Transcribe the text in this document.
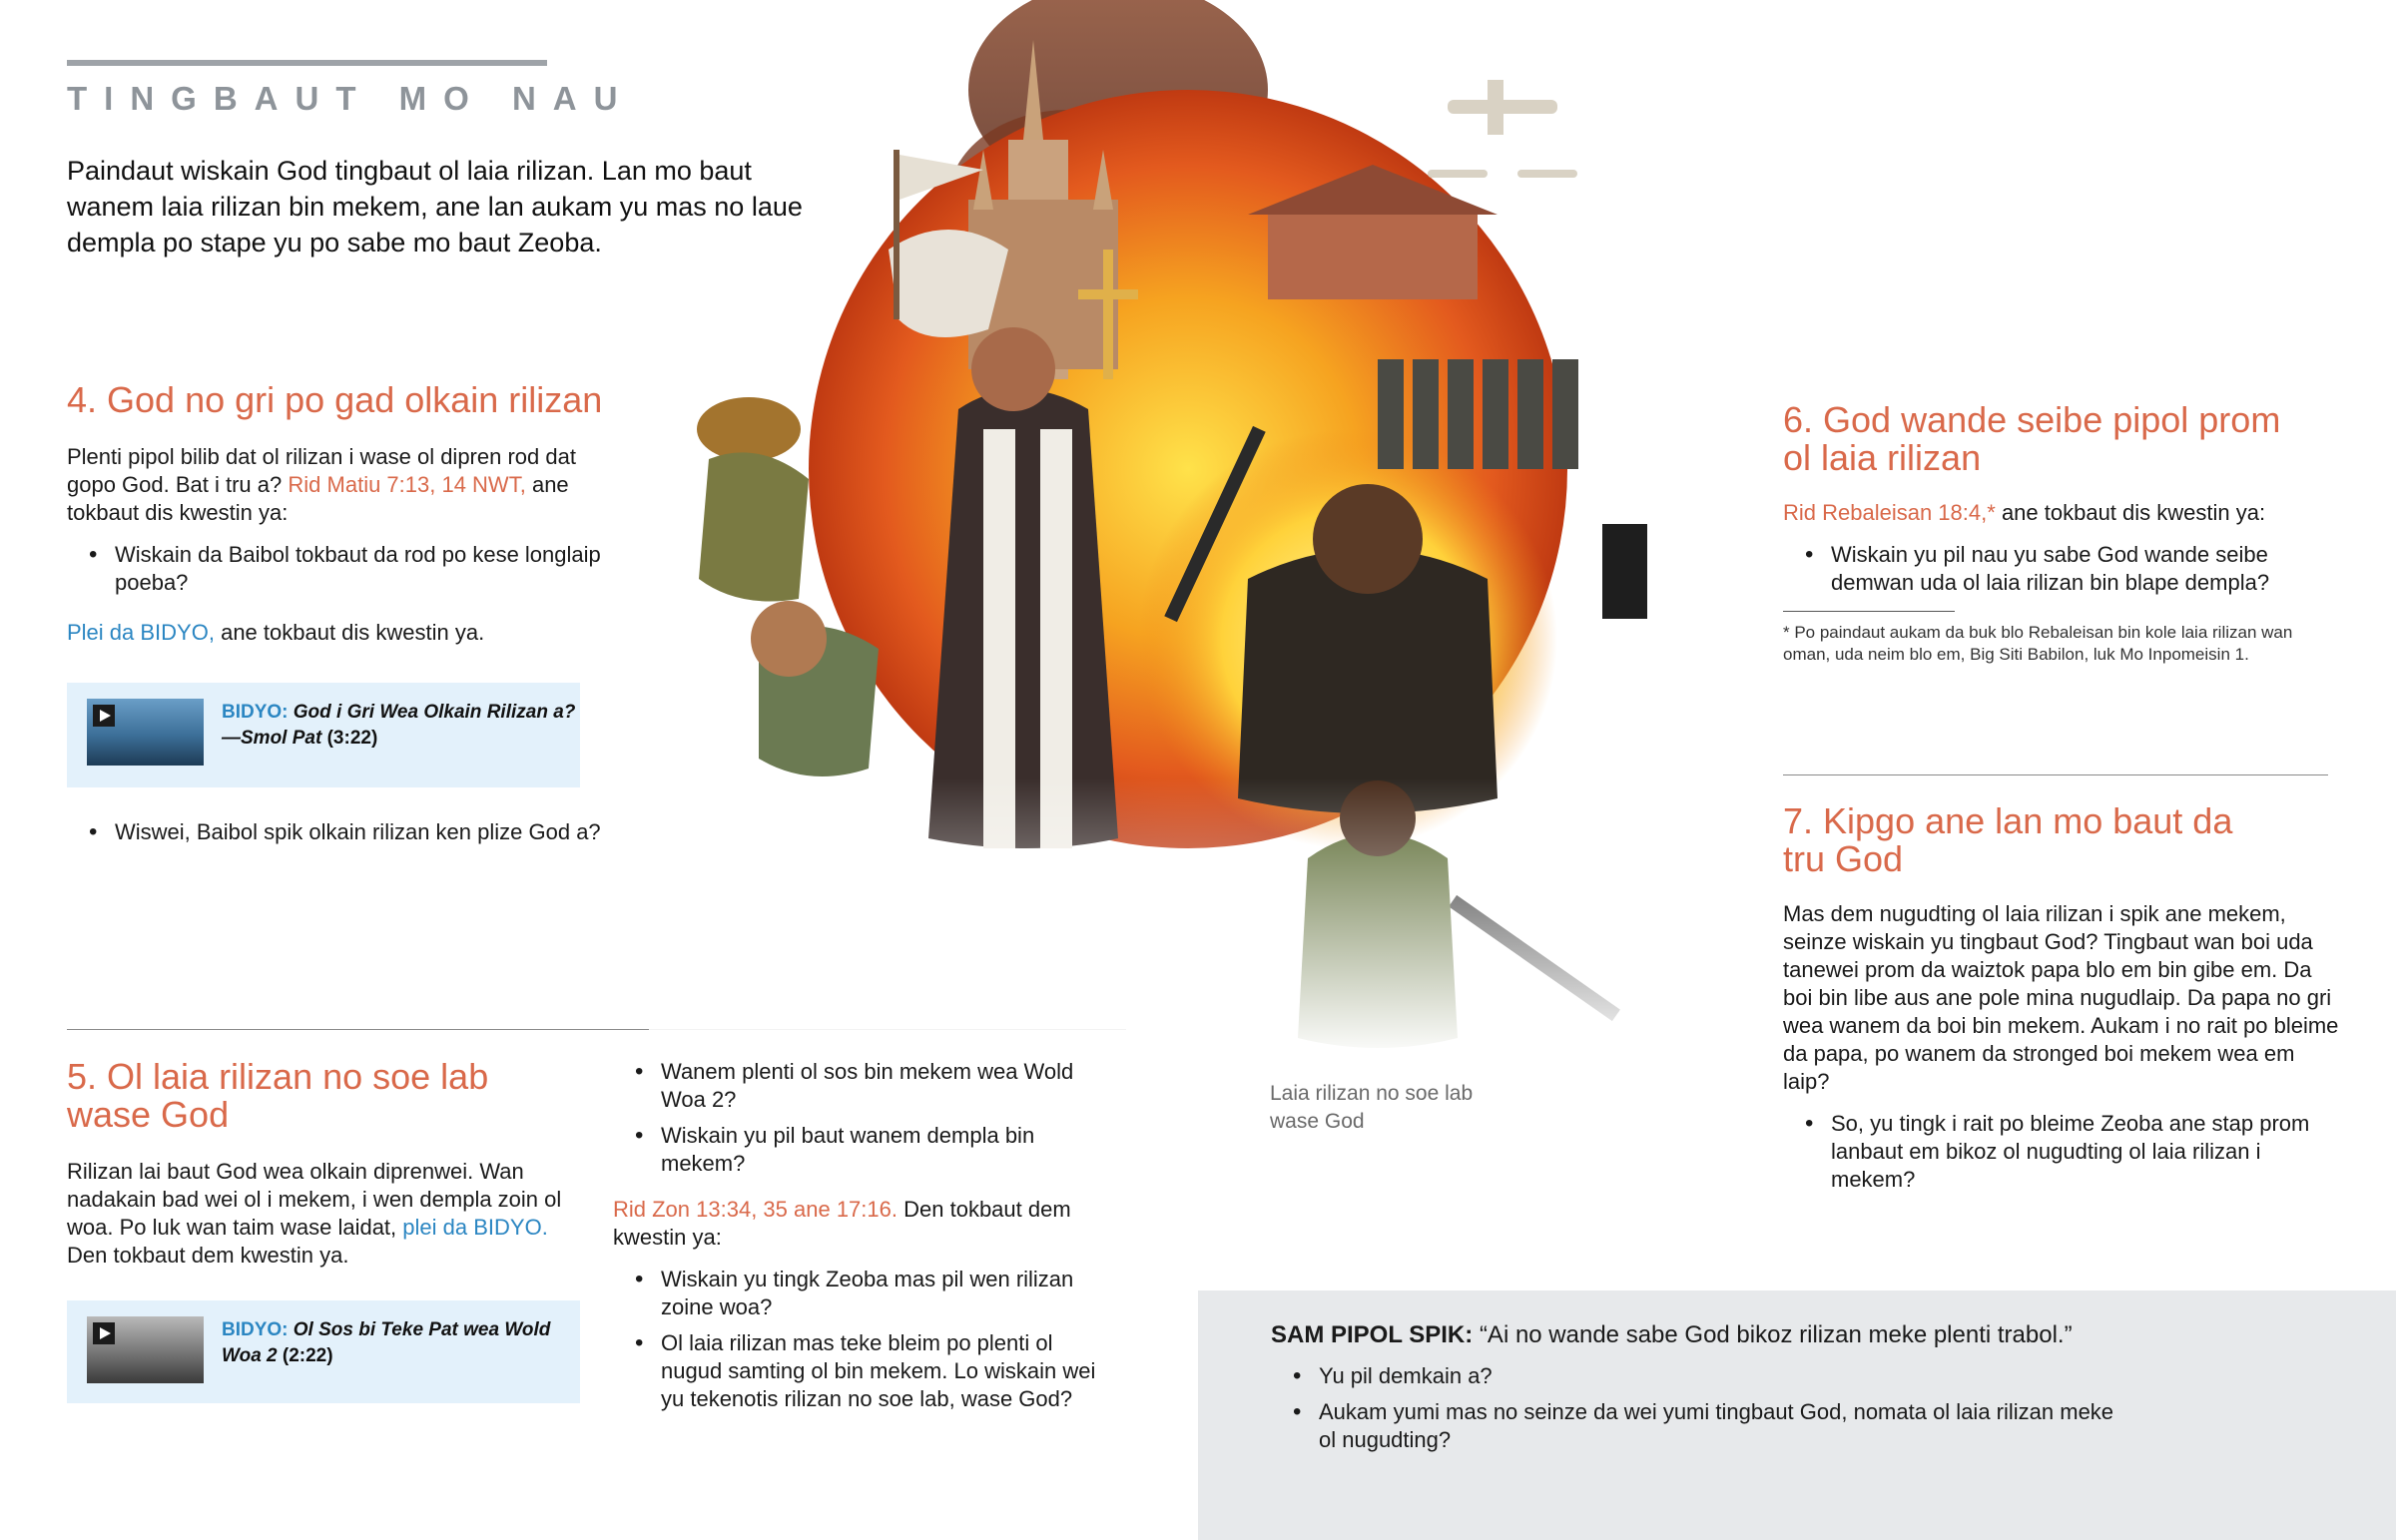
TINGBAUT MO NAU
Paindaut wiskain God tingbaut ol laia rilizan. Lan mo baut wanem laia rilizan bin mekem, ane lan aukam yu mas no laue dempla po stape yu po sabe mo baut Zeoba.
4. God no gri po gad olkain rilizan

Plenti pipol bilib dat ol rilizan i wase ol dipren rod dat gopo God. Bat i tru a? Rid Matiu 7:13, 14 NWT, ane tokbaut dis kwestin ya:

• Wiskain da Baibol tokbaut da rod po kese longlaip poeba?

Plei da BIDYO, ane tokbaut dis kwestin ya.

BIDYO: God i Gri Wea Olkain Rilizan a?
—Smol Pat (3:22)
• Wiswei, Baibol spik olkain rilizan ken plize God a?
5. Ol laia rilizan no soe lab wase God

Rilizan lai baut God wea olkain diprenwei. Wan nadakain bad wei ol i mekem, i wen dempla zoin ol woa. Po luk wan taim wase laidat, plei da BIDYO. Den tokbaut dem kwestin ya.

BIDYO: Ol Sos bi Teke Pat wea Wold Woa 2 (2:22)
• Wanem plenti ol sos bin mekem wea Wold Woa 2?
• Wiskain yu pil baut wanem dempla bin mekem?

Rid Zon 13:34, 35 ane 17:16. Den tokbaut dem kwestin ya:

• Wiskain yu tingk Zeoba mas pil wen rilizan zoine woa?
• Ol laia rilizan mas teke bleim po plenti ol nugud samting ol bin mekem. Lo wiskain wei yu tekenotis rilizan no soe lab, wase God?
Laia rilizan no soe lab wase God
6. God wande seibe pipol prom ol laia rilizan

Rid Rebaleisan 18:4,* ane tokbaut dis kwestin ya:

• Wiskain yu pil nau yu sabe God wande seibe demwan uda ol laia rilizan bin blape dempla?

* Po paindaut aukam da buk blo Rebaleisan bin kole laia rilizan wan oman, uda neim blo em, Big Siti Babilon, luk Mo Inpomeisin 1.

7. Kipgo ane lan mo baut da tru God

Mas dem nugudting ol laia rilizan i spik ane mekem, seinze wiskain yu tingbaut God? Tingbaut wan boi uda tanewei prom da waiztok papa blo em bin gibe em. Da boi bin libe aus ane pole mina nugudlaip. Da papa no gri wea wanem da boi bin mekem. Aukam i no rait po bleime da papa, po wanem da stronged boi mekem wea em laip?

• So, yu tingk i rait po bleime Zeoba ane stap prom lanbaut em bikoz ol nugudting ol laia rilizan i mekem?

SAM PIPOL SPIK: “Ai no wande sabe God bikoz rilizan meke plenti trabol.”

• Yu pil demkain a?
• Aukam yumi mas no seinze da wei yumi tingbaut God, nomata ol laia rilizan meke ol nugudting?
